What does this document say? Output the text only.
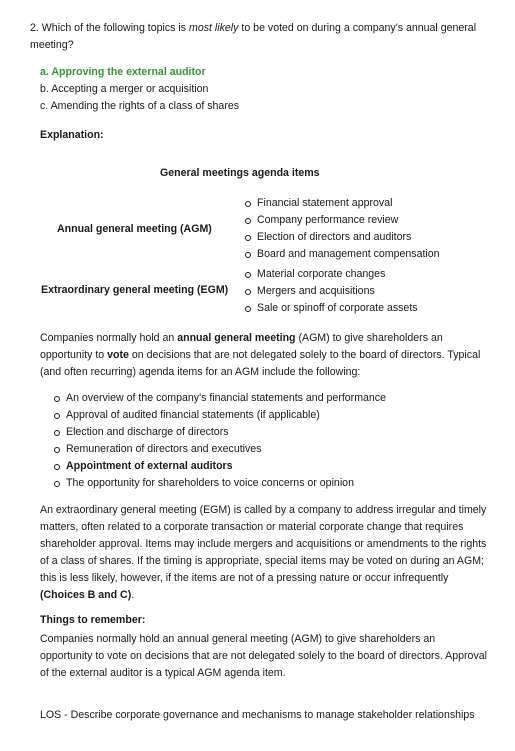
2. Which of the following topics is most likely to be voted on during a company's annual general meeting?
a. Approving the external auditor
b. Accepting a merger or acquisition
c. Amending the rights of a class of shares
Explanation:
General meetings agenda items
Annual general meeting (AGM)
Financial statement approval
Company performance review
Election of directors and auditors
Board and management compensation
Extraordinary general meeting (EGM)
Material corporate changes
Mergers and acquisitions
Sale or spinoff of corporate assets
Companies normally hold an annual general meeting (AGM) to give shareholders an opportunity to vote on decisions that are not delegated solely to the board of directors. Typical (and often recurring) agenda items for an AGM include the following:
An overview of the company's financial statements and performance
Approval of audited financial statements (if applicable)
Election and discharge of directors
Remuneration of directors and executives
Appointment of external auditors
The opportunity for shareholders to voice concerns or opinion
An extraordinary general meeting (EGM) is called by a company to address irregular and timely matters, often related to a corporate transaction or material corporate change that requires shareholder approval. Items may include mergers and acquisitions or amendments to the rights of a class of shares. If the timing is appropriate, special items may be voted on during an AGM; this is less likely, however, if the items are not of a pressing nature or occur infrequently (Choices B and C).
Things to remember:
Companies normally hold an annual general meeting (AGM) to give shareholders an opportunity to vote on decisions that are not delegated solely to the board of directors. Approval of the external auditor is a typical AGM agenda item.
LOS - Describe corporate governance and mechanisms to manage stakeholder relationships
